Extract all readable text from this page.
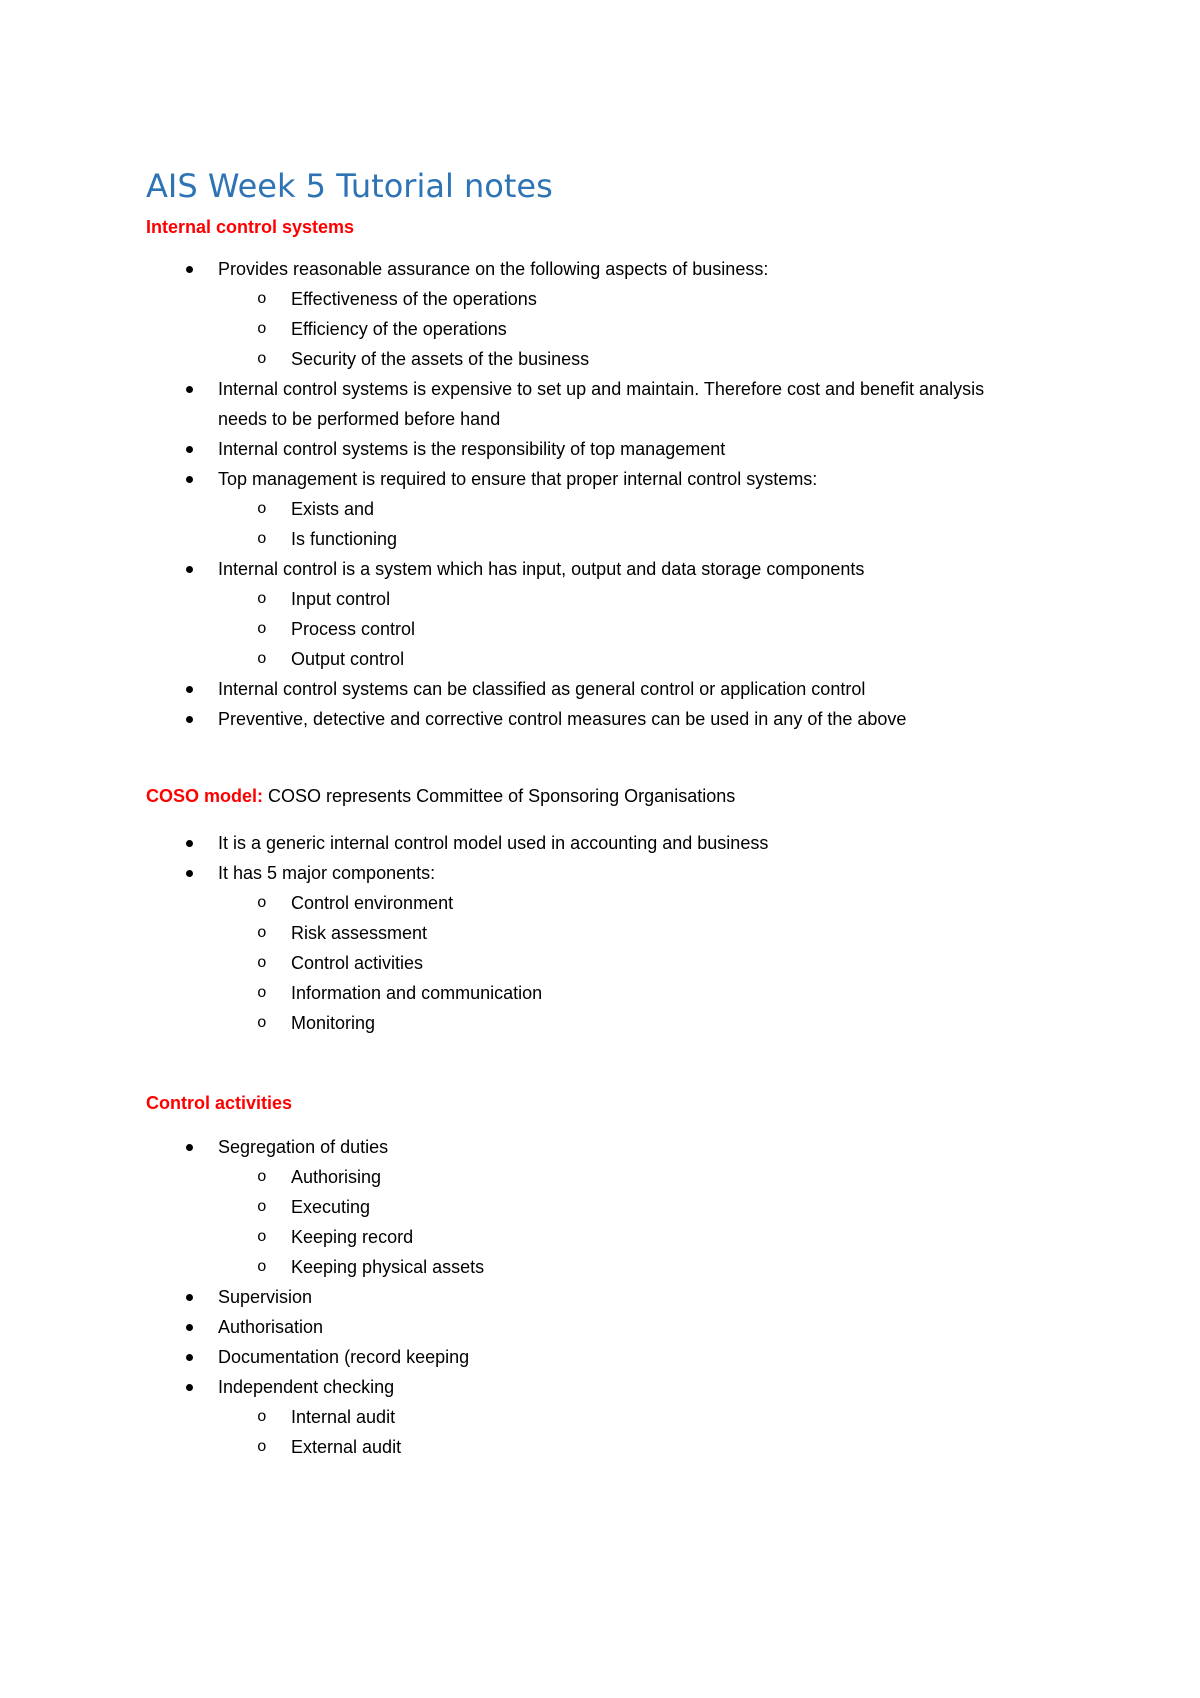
AIS Week 5 Tutorial notes
Internal control systems
Provides reasonable assurance on the following aspects of business:
o Effectiveness of the operations
o Efficiency of the operations
o Security of the assets of the business
Internal control systems is expensive to set up and maintain. Therefore cost and benefit analysis needs to be performed before hand
Internal control systems is the responsibility of top management
Top management is required to ensure that proper internal control systems:
o Exists and
o Is functioning
Internal control is a system which has input, output and data storage components
o Input control
o Process control
o Output control
Internal control systems can be classified as general control or application control
Preventive, detective and corrective control measures can be used in any of the above
COSO model: COSO represents Committee of Sponsoring Organisations
It is a generic internal control model used in accounting and business
It has 5 major components:
o Control environment
o Risk assessment
o Control activities
o Information and communication
o Monitoring
Control activities
Segregation of duties
o Authorising
o Executing
o Keeping record
o Keeping physical assets
Supervision
Authorisation
Documentation (record keeping
Independent checking
o Internal audit
o External audit
